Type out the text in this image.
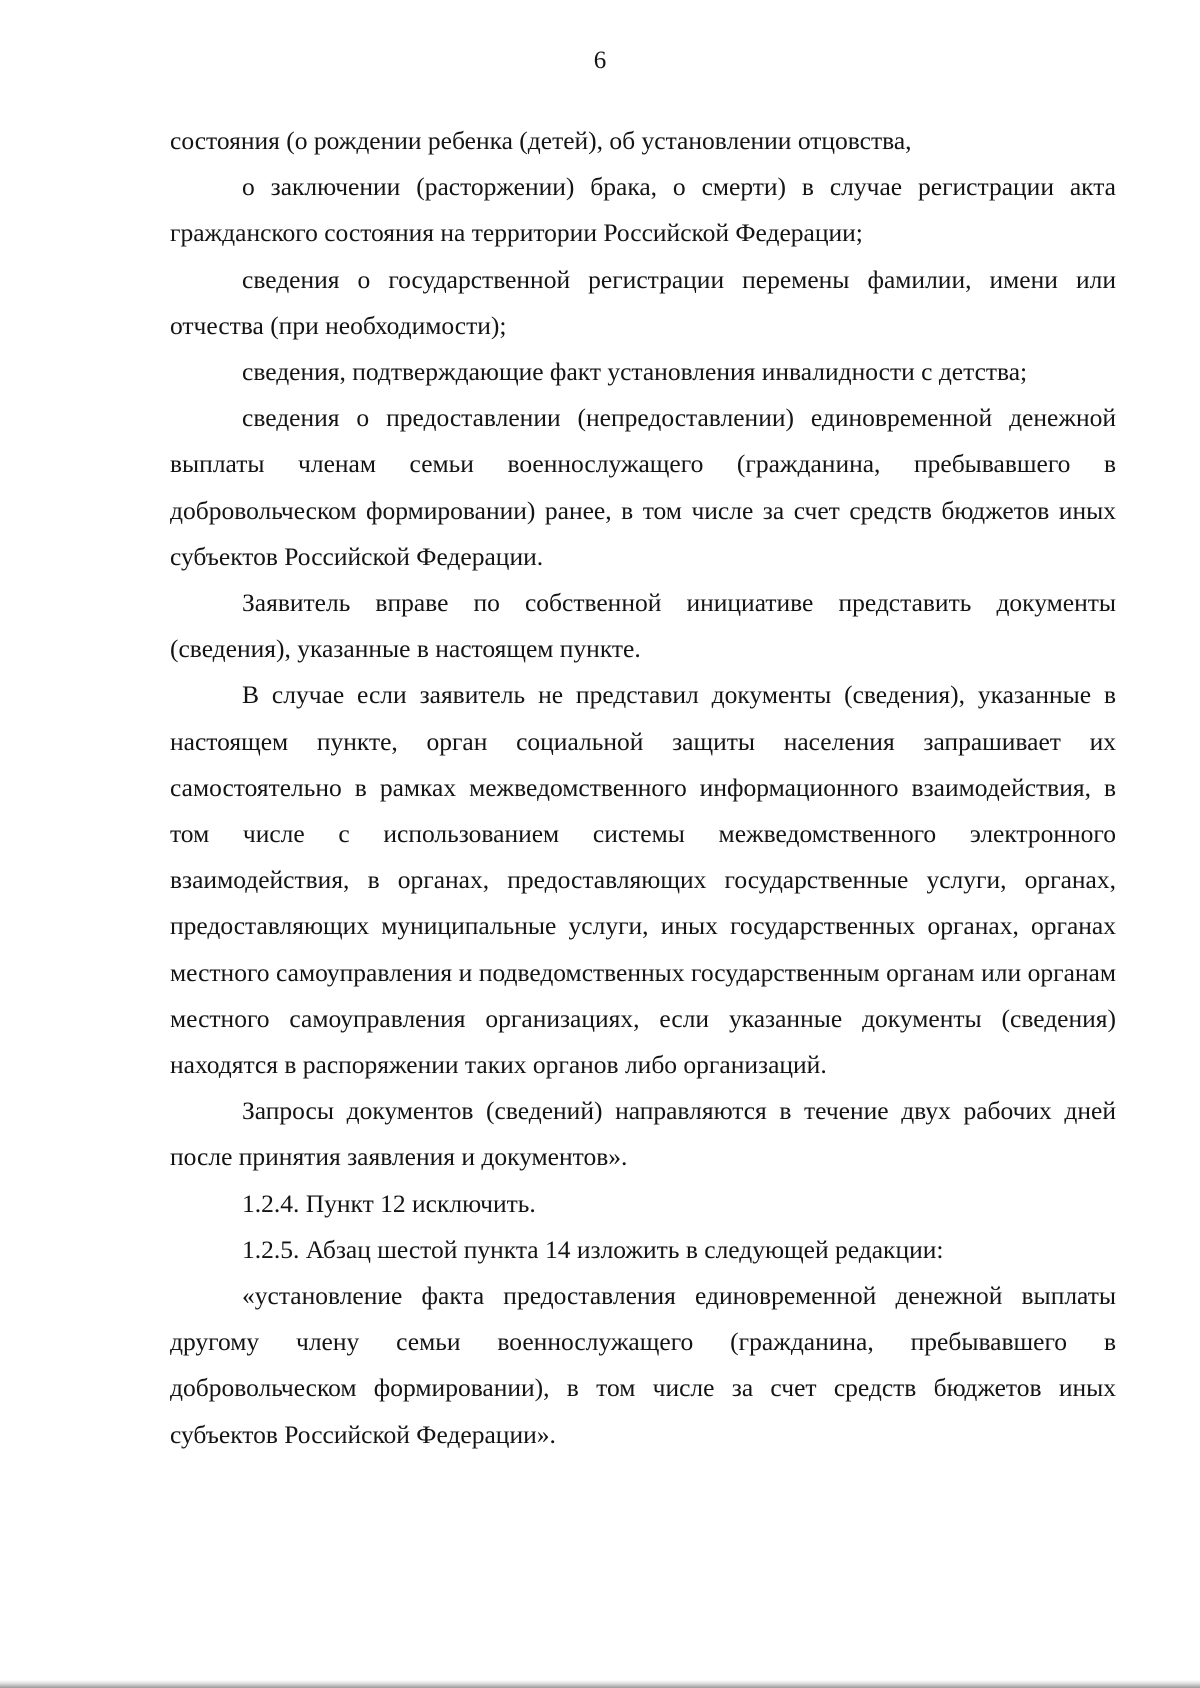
6

состояния (о рождении ребенка (детей), об установлении отцовства,

о заключении (расторжении) брака, о смерти) в случае регистрации акта гражданского состояния на территории Российской Федерации;

сведения о государственной регистрации перемены фамилии, имени или отчества (при необходимости);

сведения, подтверждающие факт установления инвалидности с детства;

сведения о предоставлении (непредоставлении) единовременной денежной выплаты членам семьи военнослужащего (гражданина, пребывавшего в добровольческом формировании) ранее, в том числе за счет средств бюджетов иных субъектов Российской Федерации.

Заявитель вправе по собственной инициативе представить документы (сведения), указанные в настоящем пункте.

В случае если заявитель не представил документы (сведения), указанные в настоящем пункте, орган социальной защиты населения запрашивает их самостоятельно в рамках межведомственного информационного взаимодействия, в том числе с использованием системы межведомственного электронного взаимодействия, в органах, предоставляющих государственные услуги, органах, предоставляющих муниципальные услуги, иных государственных органах, органах местного самоуправления и подведомственных государственным органам или органам местного самоуправления организациях, если указанные документы (сведения) находятся в распоряжении таких органов либо организаций.

Запросы документов (сведений) направляются в течение двух рабочих дней после принятия заявления и документов».

1.2.4. Пункт 12 исключить.

1.2.5. Абзац шестой пункта 14 изложить в следующей редакции:

«установление факта предоставления единовременной денежной выплаты другому члену семьи военнослужащего (гражданина, пребывавшего в добровольческом формировании), в том числе за счет средств бюджетов иных субъектов Российской Федерации».
